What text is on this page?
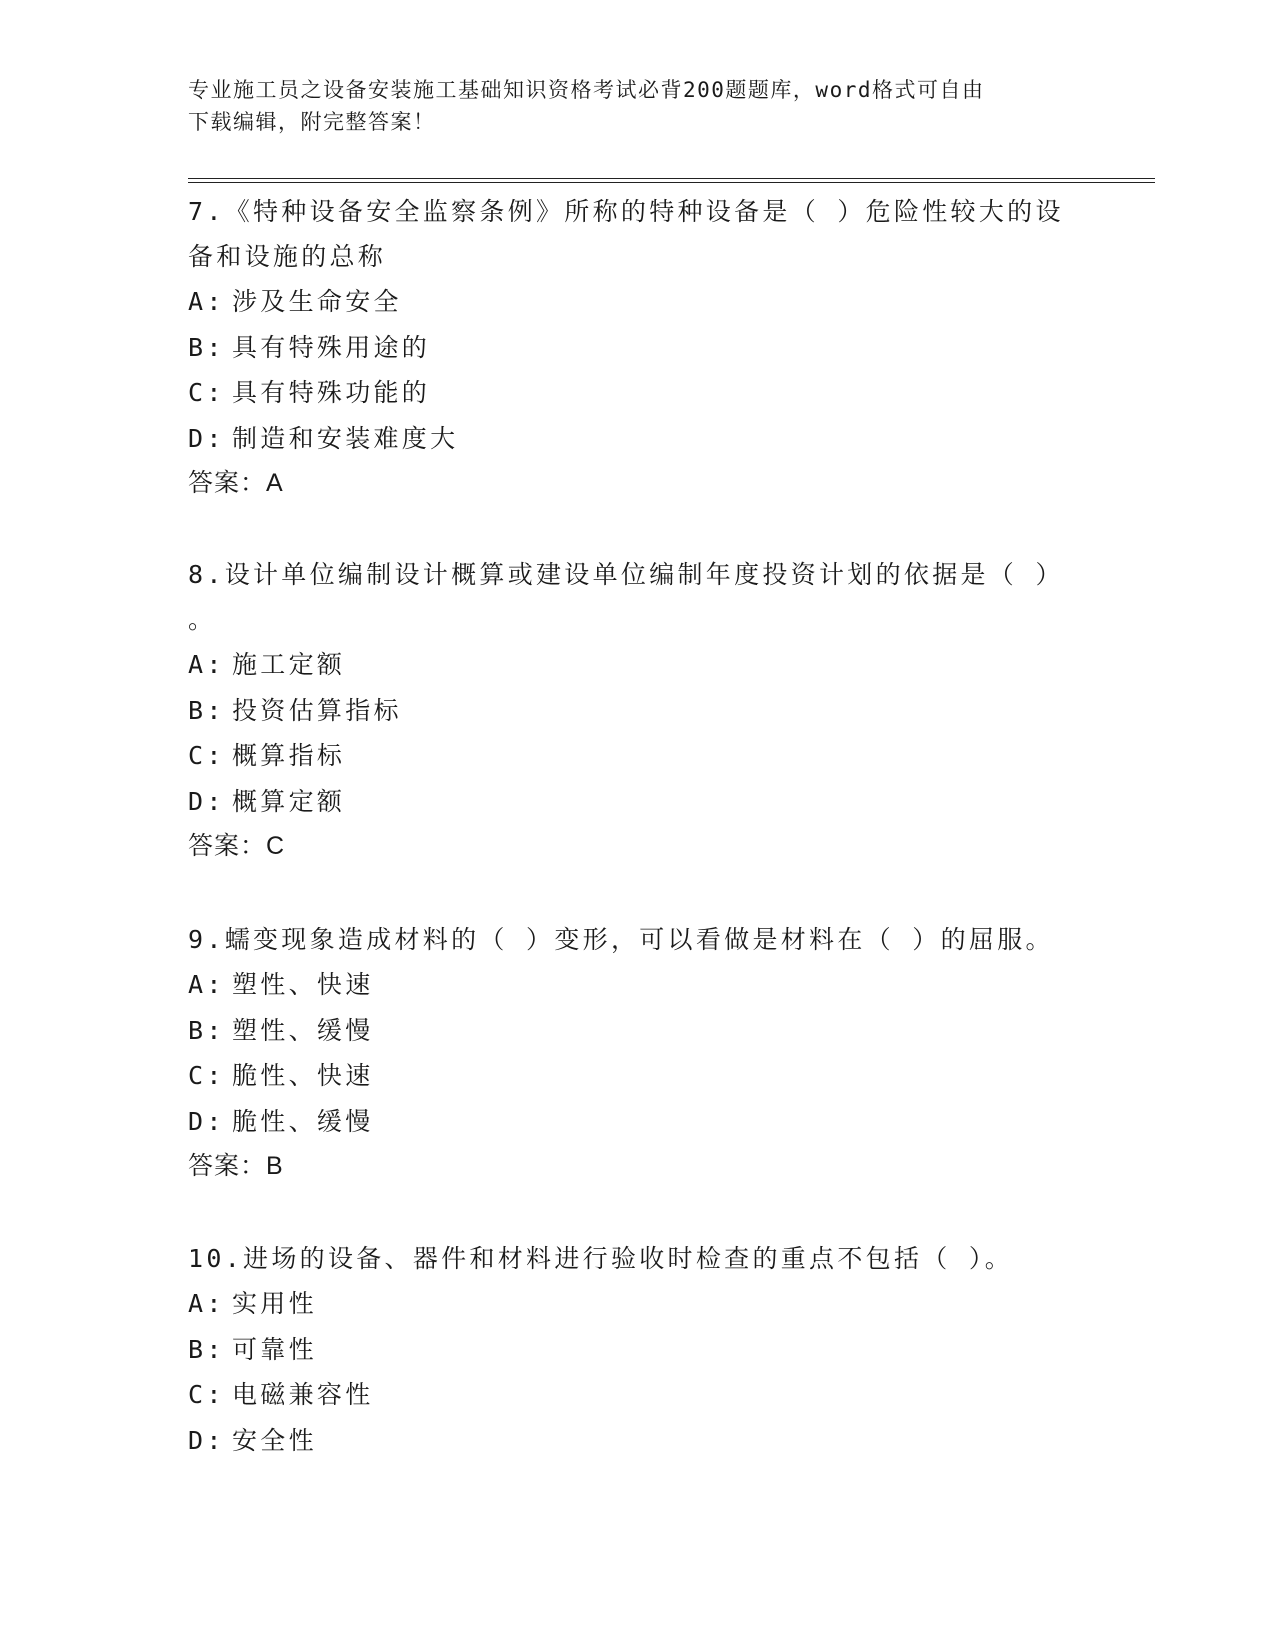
专业施工员之设备安装施工基础知识资格考试必背200题题库，word格式可自由
下载编辑，附完整答案！

7.《特种设备安全监察条例》所称的特种设备是（ ）危险性较大的设

备和设施的总称

A: 涉及生命安全

B: 具有特殊用途的

C: 具有特殊功能的

D: 制造和安装难度大

答案：A

8.设计单位编制设计概算或建设单位编制年度投资计划的依据是（ ）

。

A: 施工定额

B: 投资估算指标

C: 概算指标

D: 概算定额

答案：C

9.蠕变现象造成材料的（ ）变形，可以看做是材料在（ ）的屈服。

A: 塑性、快速

B: 塑性、缓慢

C: 脆性、快速

D: 脆性、缓慢

答案：B

10.进场的设备、器件和材料进行验收时检查的重点不包括（ ）。

A: 实用性

B: 可靠性

C: 电磁兼容性

D: 安全性
